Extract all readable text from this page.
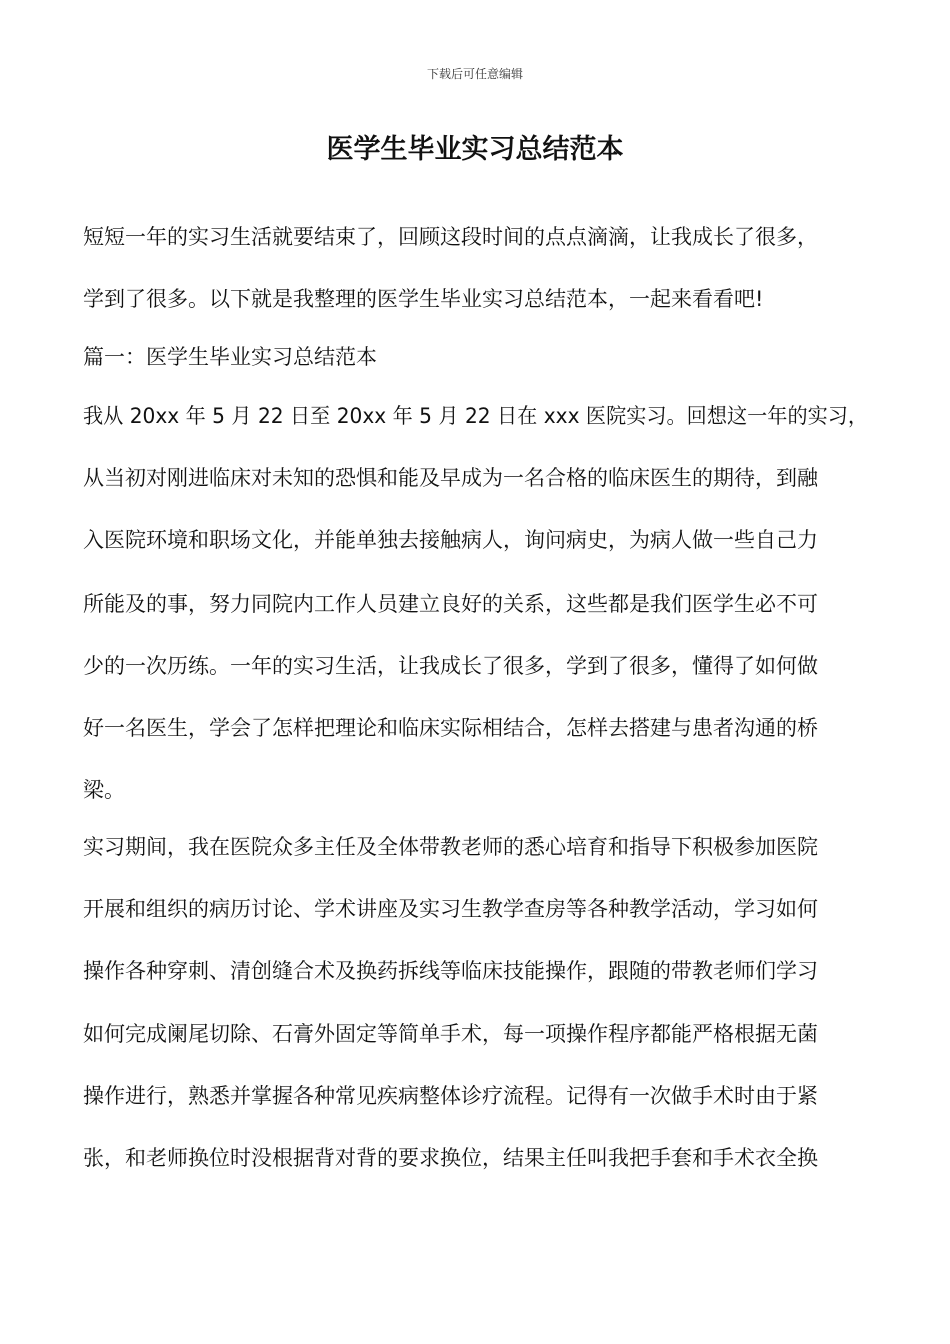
下载后可任意编辑
医学生毕业实习总结范本
短短一年的实习生活就要结束了，回顾这段时间的点点滴滴，让我成长了很多，
学到了很多。以下就是我整理的医学生毕业实习总结范本，一起来看看吧!
篇一：医学生毕业实习总结范本
我从 20xx 年 5 月 22 日至 20xx 年 5 月 22 日在 xxx 医院实习。回想这一年的实习，
从当初对刚进临床对未知的恐惧和能及早成为一名合格的临床医生的期待，到融
入医院环境和职场文化，并能单独去接触病人，询问病史，为病人做一些自己力
所能及的事，努力同院内工作人员建立良好的关系，这些都是我们医学生必不可
少的一次历练。一年的实习生活，让我成长了很多，学到了很多，懂得了如何做
好一名医生，学会了怎样把理论和临床实际相结合，怎样去搭建与患者沟通的桥
梁。
实习期间，我在医院众多主任及全体带教老师的悉心培育和指导下积极参加医院
开展和组织的病历讨论、学术讲座及实习生教学查房等各种教学活动，学习如何
操作各种穿刺、清创缝合术及换药拆线等临床技能操作，跟随的带教老师们学习
如何完成阑尾切除、石膏外固定等简单手术，每一项操作程序都能严格根据无菌
操作进行，熟悉并掌握各种常见疾病整体诊疗流程。记得有一次做手术时由于紧
张，和老师换位时没根据背对背的要求换位，结果主任叫我把手套和手术衣全换
